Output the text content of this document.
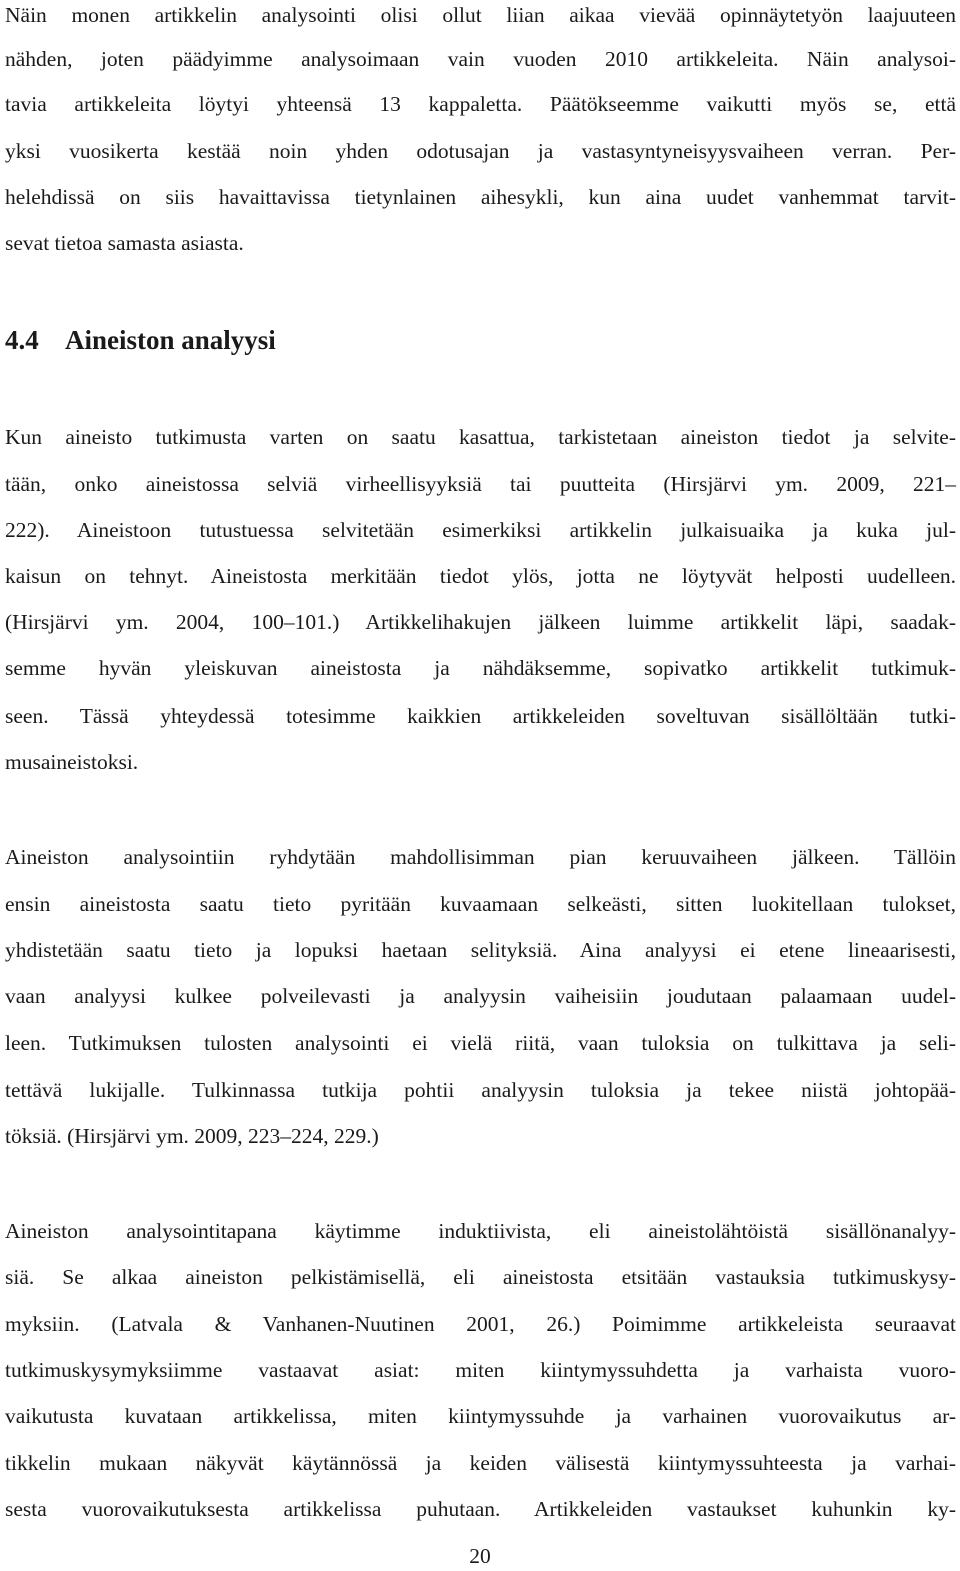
Näin monen artikkelin analysointi olisi ollut liian aikaa vievää opinnäytetyön laajuuteen
nähden, joten päädyimme analysoimaan vain vuoden 2010 artikkeleita. Näin analysoi-
tavia artikkeleita löytyi yhteensä 13 kappaletta. Päätökseemme vaikutti myös se, että
yksi vuosikerta kestää noin yhden odotusajan ja vastasyntyneisyysvaiheen verran. Per-
helehdissä on siis havaittavissa tietynlainen aihesykli, kun aina uudet vanhemmat tarvit-
sevat tietoa samasta asiasta.
4.4 Aineiston analyysi
Kun aineisto tutkimusta varten on saatu kasattua, tarkistetaan aineiston tiedot ja selvite-
tään, onko aineistossa selviä virheellisyyksiä tai puutteita (Hirsjärvi ym. 2009, 221–
222). Aineistoon tutustuessa selvitetään esimerkiksi artikkelin julkaisuaika ja kuka jul-
kaisun on tehnyt. Aineistosta merkitään tiedot ylös, jotta ne löytyvät helposti uudelleen.
(Hirsjärvi ym. 2004, 100–101.) Artikkelihakujen jälkeen luimme artikkelit läpi, saadak-
semme hyvän yleiskuvan aineistosta ja nähdäksemme, sopivatko artikkelit tutkimuk-
seen. Tässä yhteydessä totesimme kaikkien artikkeleiden soveltuvan sisällöltään tutki-
musaineistoksi.
Aineiston analysointiin ryhdytään mahdollisimman pian keruuvaiheen jälkeen. Tällöin
ensin aineistosta saatu tieto pyritään kuvaamaan selkeästi, sitten luokitellaan tulokset,
yhdistetään saatu tieto ja lopuksi haetaan selityksiä. Aina analyysi ei etene lineaarisesti,
vaan analyysi kulkee polveilevasti ja analyysin vaiheisiin joudutaan palaamaan uudel-
leen. Tutkimuksen tulosten analysointi ei vielä riitä, vaan tuloksia on tulkittava ja seli-
tettävä lukijalle. Tulkinnassa tutkija pohtii analyysin tuloksia ja tekee niistä johtopää-
töksiä. (Hirsjärvi ym. 2009, 223–224, 229.)
Aineiston analysointitapana käytimme induktiivista, eli aineistolähtöistä sisällönanalyy-
siä. Se alkaa aineiston pelkistämisellä, eli aineistosta etsitään vastauksia tutkimuskysy-
myksiin. (Latvala & Vanhanen-Nuutinen 2001, 26.) Poimimme artikkeleista seuraavat
tutkimuskysymyksiimme vastaavat asiat: miten kiintymyssuhdetta ja varhaista vuoro-
vaikutusta kuvataan artikkelissa, miten kiintymyssuhde ja varhainen vuorovaikutus ar-
tikkelin mukaan näkyvät käytännössä ja keiden välisestä kiintymyssuhteesta ja varhai-
sesta vuorovaikutuksesta artikkelissa puhutaan. Artikkeleiden vastaukset kuhunkin ky-
20
